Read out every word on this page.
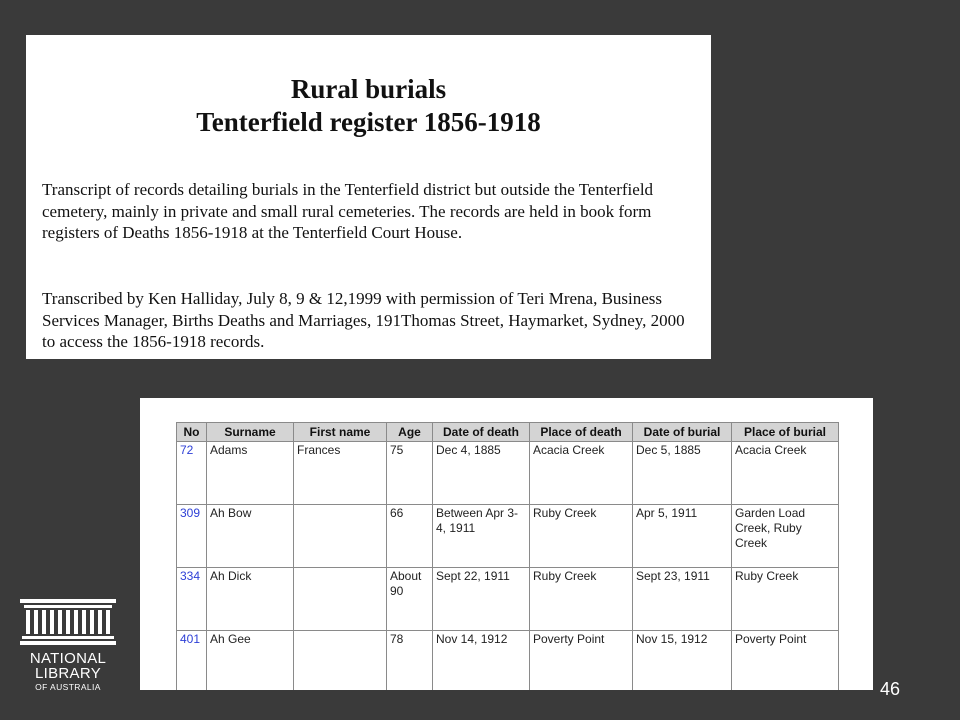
Rural burials
Tenterfield register 1856-1918

Transcript of records detailing burials in the Tenterfield district but outside the Tenterfield cemetery, mainly in private and small rural cemeteries. The records are held in book form registers of Deaths 1856-1918 at the Tenterfield Court House.

Transcribed by Ken Halliday, July 8, 9 & 12,1999 with permission of Teri Mrena, Business Services Manager, Births Deaths and Marriages, 191Thomas Street, Haymarket, Sydney, 2000 to access the 1856-1918 records.

No	Surname	First name	Age	Date of death	Place of death	Date of burial	Place of burial
72	Adams	Frances	75	Dec 4, 1885	Acacia Creek	Dec 5, 1885	Acacia Creek
309	Ah Bow		66	Between Apr 3-4, 1911	Ruby Creek	Apr 5, 1911	Garden Load Creek, Ruby Creek
334	Ah Dick		About 90	Sept 22, 1911	Ruby Creek	Sept 23, 1911	Ruby Creek
401	Ah Gee		78	Nov 14, 1912	Poverty Point	Nov 15, 1912	Poverty Point
NATIONAL
LIBRARY
OF AUSTRALIA	46
